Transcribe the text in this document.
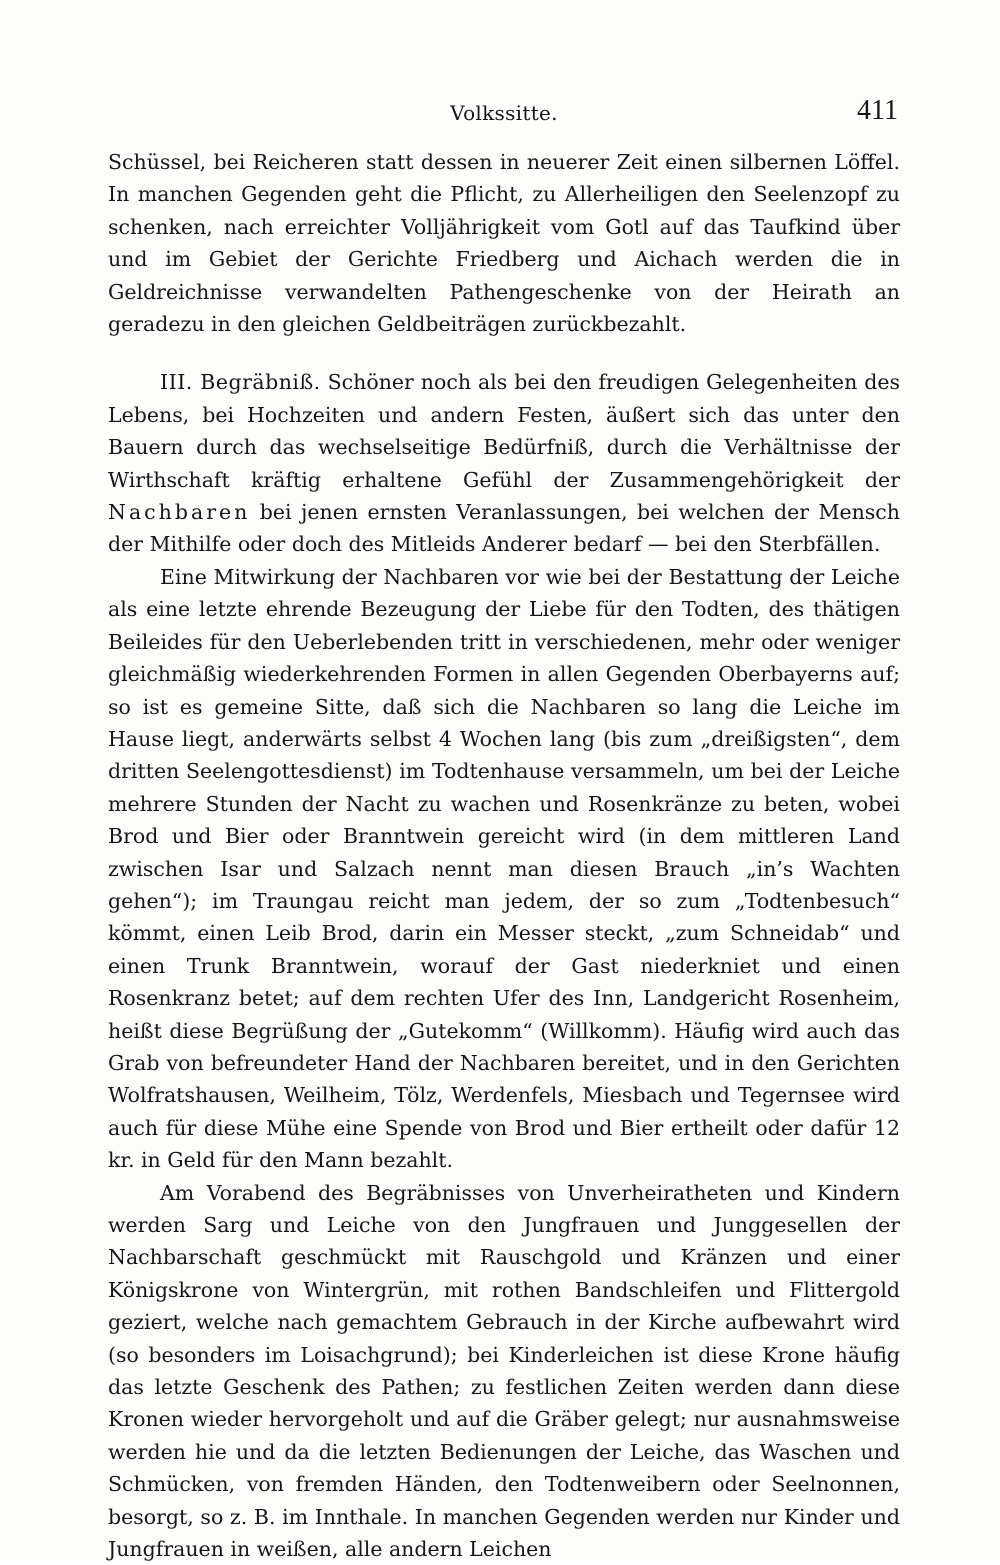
Volkssitte.	411

Schüssel, bei Reicheren statt dessen in neuerer Zeit einen silbernen Löffel. In manchen Gegenden geht die Pflicht, zu Allerheiligen den Seelenzopf zu schenken, nach erreichter Volljährigkeit vom Gotl auf das Taufkind über und im Gebiet der Gerichte Friedberg und Aichach werden die in Geldreichnisse verwandelten Pathengeschenke von der Heirath an geradezu in den gleichen Geldbeiträgen zurückbezahlt.

III. Begräbniß. Schöner noch als bei den freudigen Gelegenheiten des Lebens, bei Hochzeiten und andern Festen, äußert sich das unter den Bauern durch das wechselseitige Bedürfniß, durch die Verhältnisse der Wirthschaft kräftig erhaltene Gefühl der Zusammengehörigkeit der Nachbaren bei jenen ernsten Veranlassungen, bei welchen der Mensch der Mithilfe oder doch des Mitleids Anderer bedarf — bei den Sterbfällen.

Eine Mitwirkung der Nachbaren vor wie bei der Bestattung der Leiche als eine letzte ehrende Bezeugung der Liebe für den Todten, des thätigen Beileides für den Ueberlebenden tritt in verschiedenen, mehr oder weniger gleichmäßig wiederkehrenden Formen in allen Gegenden Oberbayerns auf; so ist es gemeine Sitte, daß sich die Nachbaren so lang die Leiche im Hause liegt, anderwärts selbst 4 Wochen lang (bis zum „dreißigsten“, dem dritten Seelengottesdienst) im Todtenhause versammeln, um bei der Leiche mehrere Stunden der Nacht zu wachen und Rosenkränze zu beten, wobei Brod und Bier oder Branntwein gereicht wird (in dem mittleren Land zwischen Isar und Salzach nennt man diesen Brauch „in’s Wachten gehen“); im Traungau reicht man jedem, der so zum „Todtenbesuch“ kömmt, einen Leib Brod, darin ein Messer steckt, „zum Schneidab“ und einen Trunk Branntwein, worauf der Gast niederkniet und einen Rosenkranz betet; auf dem rechten Ufer des Inn, Landgericht Rosenheim, heißt diese Begrüßung der „Gutekomm“ (Willkomm). Häufig wird auch das Grab von befreundeter Hand der Nachbaren bereitet, und in den Gerichten Wolfratshausen, Weilheim, Tölz, Werdenfels, Miesbach und Tegernsee wird auch für diese Mühe eine Spende von Brod und Bier ertheilt oder dafür 12 kr. in Geld für den Mann bezahlt.

Am Vorabend des Begräbnisses von Unverheiratheten und Kindern werden Sarg und Leiche von den Jungfrauen und Junggesellen der Nachbarschaft geschmückt mit Rauschgold und Kränzen und einer Königskrone von Wintergrün, mit rothen Bandschleifen und Flittergold geziert, welche nach gemachtem Gebrauch in der Kirche aufbewahrt wird (so besonders im Loisachgrund); bei Kinderleichen ist diese Krone häufig das letzte Geschenk des Pathen; zu festlichen Zeiten werden dann diese Kronen wieder hervorgeholt und auf die Gräber gelegt; nur ausnahmsweise werden hie und da die letzten Bedienungen der Leiche, das Waschen und Schmücken, von fremden Händen, den Todtenweibern oder Seelnonnen, besorgt, so z. B. im Innthale. In manchen Gegenden werden nur Kinder und Jungfrauen in weißen, alle andern Leichen
